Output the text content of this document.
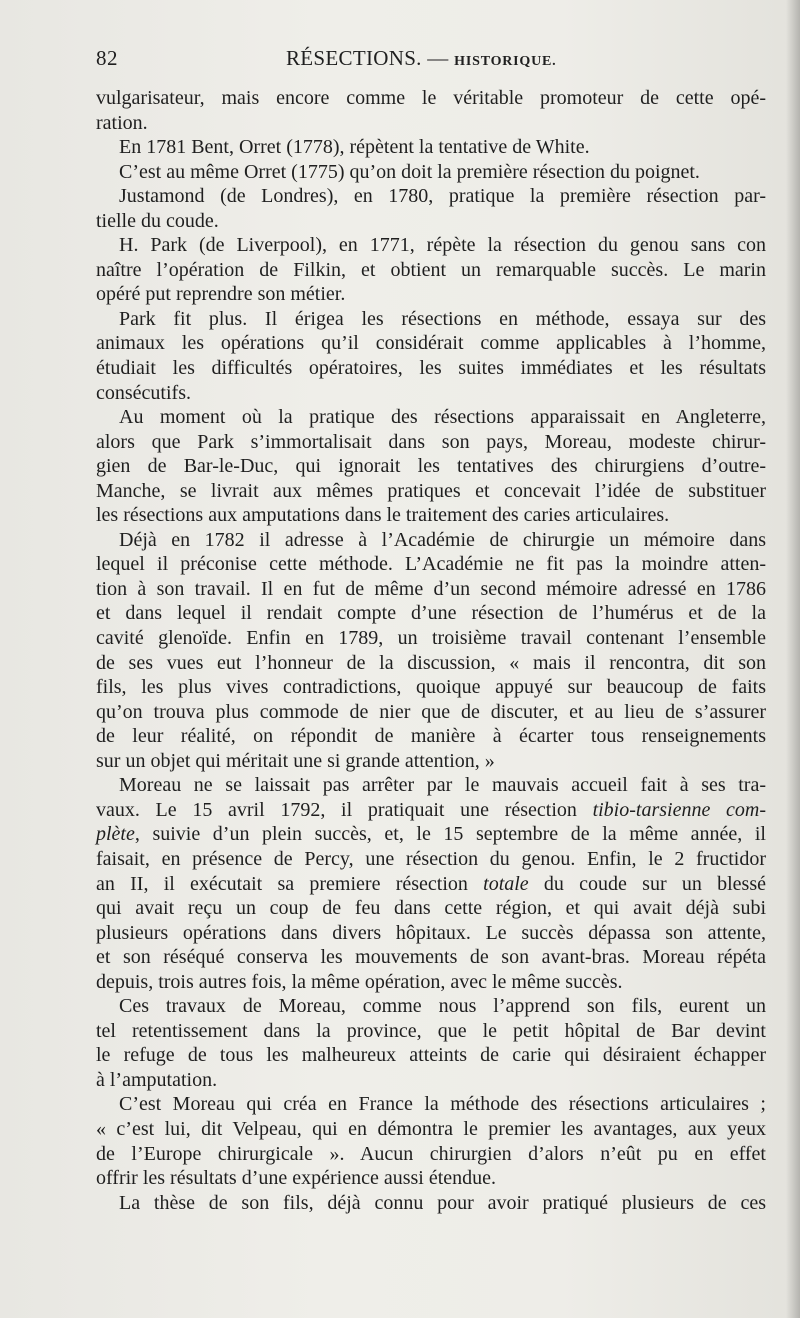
82	RÉSECTIONS. — HISTORIQUE.
vulgarisateur, mais encore comme le véritable promoteur de cette opé-
ration.
En 1781 Bent, Orret (1778), répètent la tentative de White.
C’est au même Orret (1775) qu’on doit la première résection du poignet.
Justamond (de Londres), en 1780, pratique la première résection par-
tielle du coude.
H. Park (de Liverpool), en 1771, répète la résection du genou sans con
naître l’opération de Filkin, et obtient un remarquable succès. Le marin
opéré put reprendre son métier.
Park fit plus. Il érigea les résections en méthode, essaya sur des
animaux les opérations qu’il considérait comme applicables à l’homme,
étudiait les difficultés opératoires, les suites immédiates et les résultats
consécutifs.
Au moment où la pratique des résections apparaissait en Angleterre,
alors que Park s’immortalisait dans son pays, Moreau, modeste chirur-
gien de Bar-le-Duc, qui ignorait les tentatives des chirurgiens d’outre-
Manche, se livrait aux mêmes pratiques et concevait l’idée de substituer
les résections aux amputations dans le traitement des caries articulaires.
Déjà en 1782 il adresse à l’Académie de chirurgie un mémoire dans
lequel il préconise cette méthode. L’Académie ne fit pas la moindre atten-
tion à son travail. Il en fut de même d’un second mémoire adressé en 1786
et dans lequel il rendait compte d’une résection de l’humérus et de la
cavité glenoïde. Enfin en 1789, un troisième travail contenant l’ensemble
de ses vues eut l’honneur de la discussion, « mais il rencontra, dit son
fils, les plus vives contradictions, quoique appuyé sur beaucoup de faits
qu’on trouva plus commode de nier que de discuter, et au lieu de s’assurer
de leur réalité, on répondit de manière à écarter tous renseignements
sur un objet qui méritait une si grande attention, »
Moreau ne se laissait pas arrêter par le mauvais accueil fait à ses tra-
vaux. Le 15 avril 1792, il pratiquait une résection tibio-tarsienne com-
plète, suivie d’un plein succès, et, le 15 septembre de la même année, il
faisait, en présence de Percy, une résection du genou. Enfin, le 2 fructidor
an II, il exécutait sa premiere résection totale du coude sur un blessé
qui avait reçu un coup de feu dans cette région, et qui avait déjà subi
plusieurs opérations dans divers hôpitaux. Le succès dépassa son attente,
et son réséqué conserva les mouvements de son avant-bras. Moreau répéta
depuis, trois autres fois, la même opération, avec le même succès.
Ces travaux de Moreau, comme nous l’apprend son fils, eurent un
tel retentissement dans la province, que le petit hôpital de Bar devint
le refuge de tous les malheureux atteints de carie qui désiraient échapper
à l’amputation.
C’est Moreau qui créa en France la méthode des résections articulaires ;
« c’est lui, dit Velpeau, qui en démontra le premier les avantages, aux yeux
de l’Europe chirurgicale ». Aucun chirurgien d’alors n’eût pu en effet
offrir les résultats d’une expérience aussi étendue.
La thèse de son fils, déjà connu pour avoir pratiqué plusieurs de ces
